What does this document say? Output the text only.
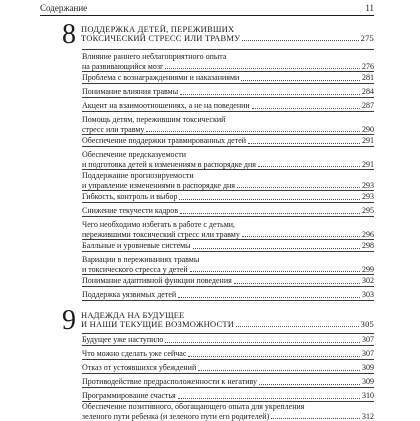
Содержание	11
8 ПОДДЕРЖКА ДЕТЕЙ, ПЕРЕЖИВШИХ
ТОКСИЧЕСКИЙ СТРЕСС ИЛИ ТРАВМУ	275
Влияние раннего неблагоприятного опыта
на развивающийся мозг	276
Проблема с вознаграждениями и наказаниями	281
Понимание влияния травмы	284
Акцент на взаимоотношениях, а не на поведении	287
Помощь детям, пережившим токсический
стресс или травму	290
Обеспечение поддержки травмированных детей	291
Обеспечение предсказуемости
и подготовка детей к изменениям в распорядке дня	291
Поддержание прогнозируемости
и управление изменениями в распорядке дня	293
Гибкость, контроль и выбор	293
Снижение текучести кадров	295
Чего необходимо избегать в работе с детьми,
пережившими токсический стресс или травму	296
Балльные и уровневые системы	298
Вариации в переживаниях травмы
и токсического стресса у детей	299
Понимание адаптивной функции поведения	302
Поддержка уязвимых детей	303
9 НАДЕЖДА НА БУДУЩЕЕ
И НАШИ ТЕКУЩИЕ ВОЗМОЖНОСТИ	305
Будущее уже наступило	307
Что можно сделать уже сейчас	307
Отказ от устоявшихся убеждений	309
Противодействие предрасположенности к негативу	309
Программирование счастья	310
Обеспечение позитивного, обогащающего опыта для укрепления
зеленого пути ребенка (и зеленого пути его родителей)	312
